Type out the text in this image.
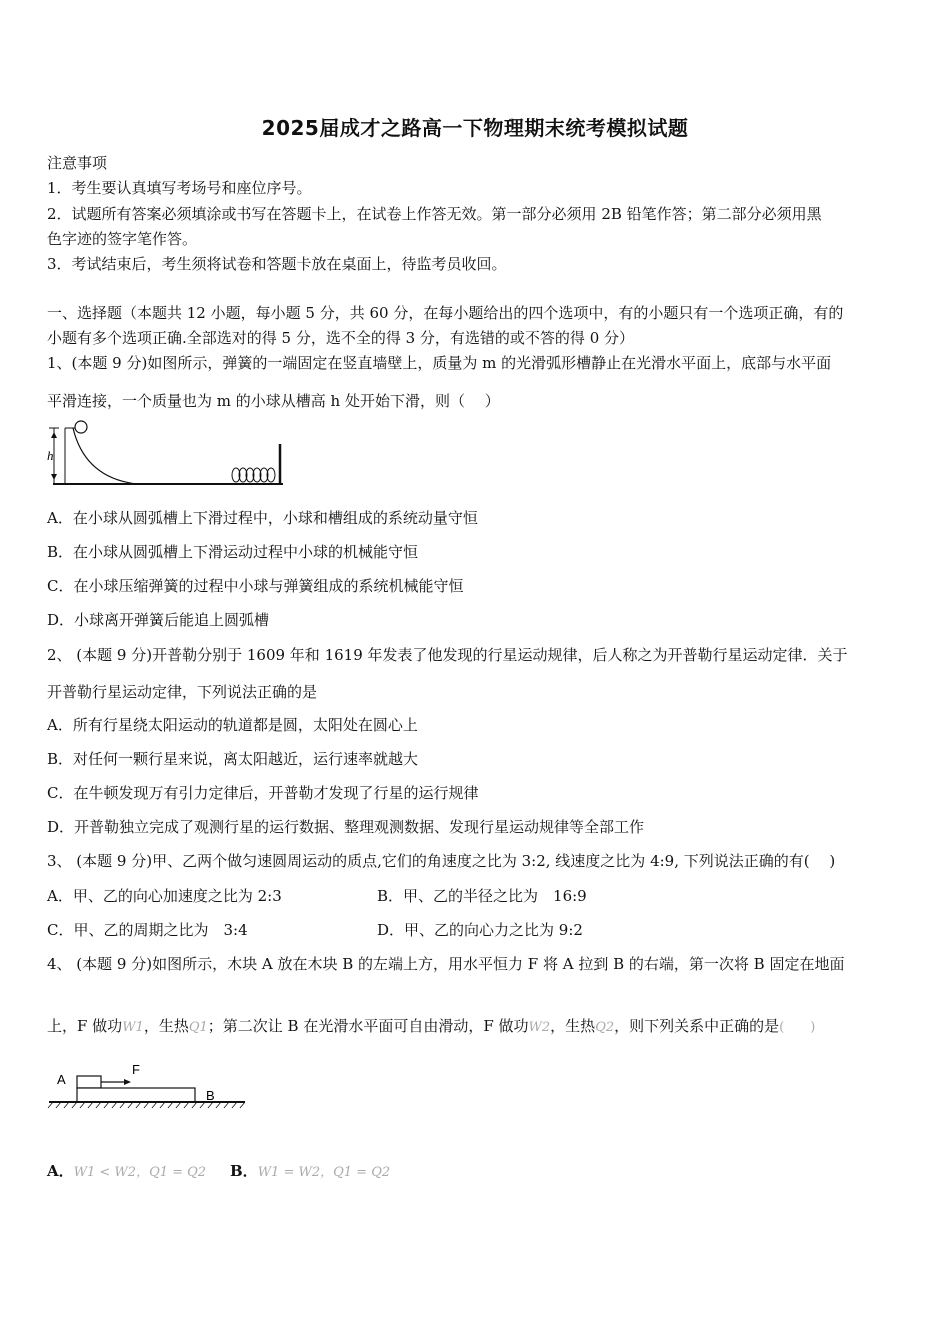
2025届成才之路高一下物理期末统考模拟试题
注意事项
1．考生要认真填写考场号和座位序号。
2．试题所有答案必须填涂或书写在答题卡上，在试卷上作答无效。第一部分必须用 2B 铅笔作答；第二部分必须用黑
色字迹的签字笔作答。
3．考试结束后，考生须将试卷和答题卡放在桌面上，待监考员收回。
一、选择题（本题共 12 小题，每小题 5 分，共 60 分，在每小题给出的四个选项中，有的小题只有一个选项正确，有的
小题有多个选项正确.全部选对的得 5 分，选不全的得 3 分，有选错的或不答的得 0 分）
1、(本题 9 分)如图所示，弹簧的一端固定在竖直墙壁上，质量为 m 的光滑弧形槽静止在光滑水平面上，底部与水平面
平滑连接，一个质量也为 m 的小球从槽高 h 处开始下滑，则（　 ）
h
A．在小球从圆弧槽上下滑过程中，小球和槽组成的系统动量守恒
B．在小球从圆弧槽上下滑运动过程中小球的机械能守恒
C．在小球压缩弹簧的过程中小球与弹簧组成的系统机械能守恒
D．小球离开弹簧后能追上圆弧槽
2、 (本题 9 分)开普勒分别于 1609 年和 1619 年发表了他发现的行星运动规律，后人称之为开普勒行星运动定律．关于
开普勒行星运动定律，下列说法正确的是
A．所有行星绕太阳运动的轨道都是圆，太阳处在圆心上
B．对任何一颗行星来说，离太阳越近，运行速率就越大
C．在牛顿发现万有引力定律后，开普勒才发现了行星的运行规律
D．开普勒独立完成了观测行星的运行数据、整理观测数据、发现行星运动规律等全部工作
3、 (本题 9 分)甲、乙两个做匀速圆周运动的质点,它们的角速度之比为 3:2, 线速度之比为 4:9, 下列说法正确的有(　 )
A．甲、乙的向心加速度之比为 2:3	B．甲、乙的半径之比为　16:9
C．甲、乙的周期之比为　3:4	D．甲、乙的向心力之比为 9:2
4、 (本题 9 分)如图所示，木块 A 放在木块 B 的左端上方，用水平恒力 F 将 A 拉到 B 的右端，第一次将 B 固定在地面
上，F 做功W1，生热Q1；第二次让 B 在光滑水平面可自由滑动，F 做功W2，生热Q2，则下列关系中正确的是(　　)
A
F
B
A．W1 < W2，Q1 = Q2 B．W1 = W2，Q1 = Q2
